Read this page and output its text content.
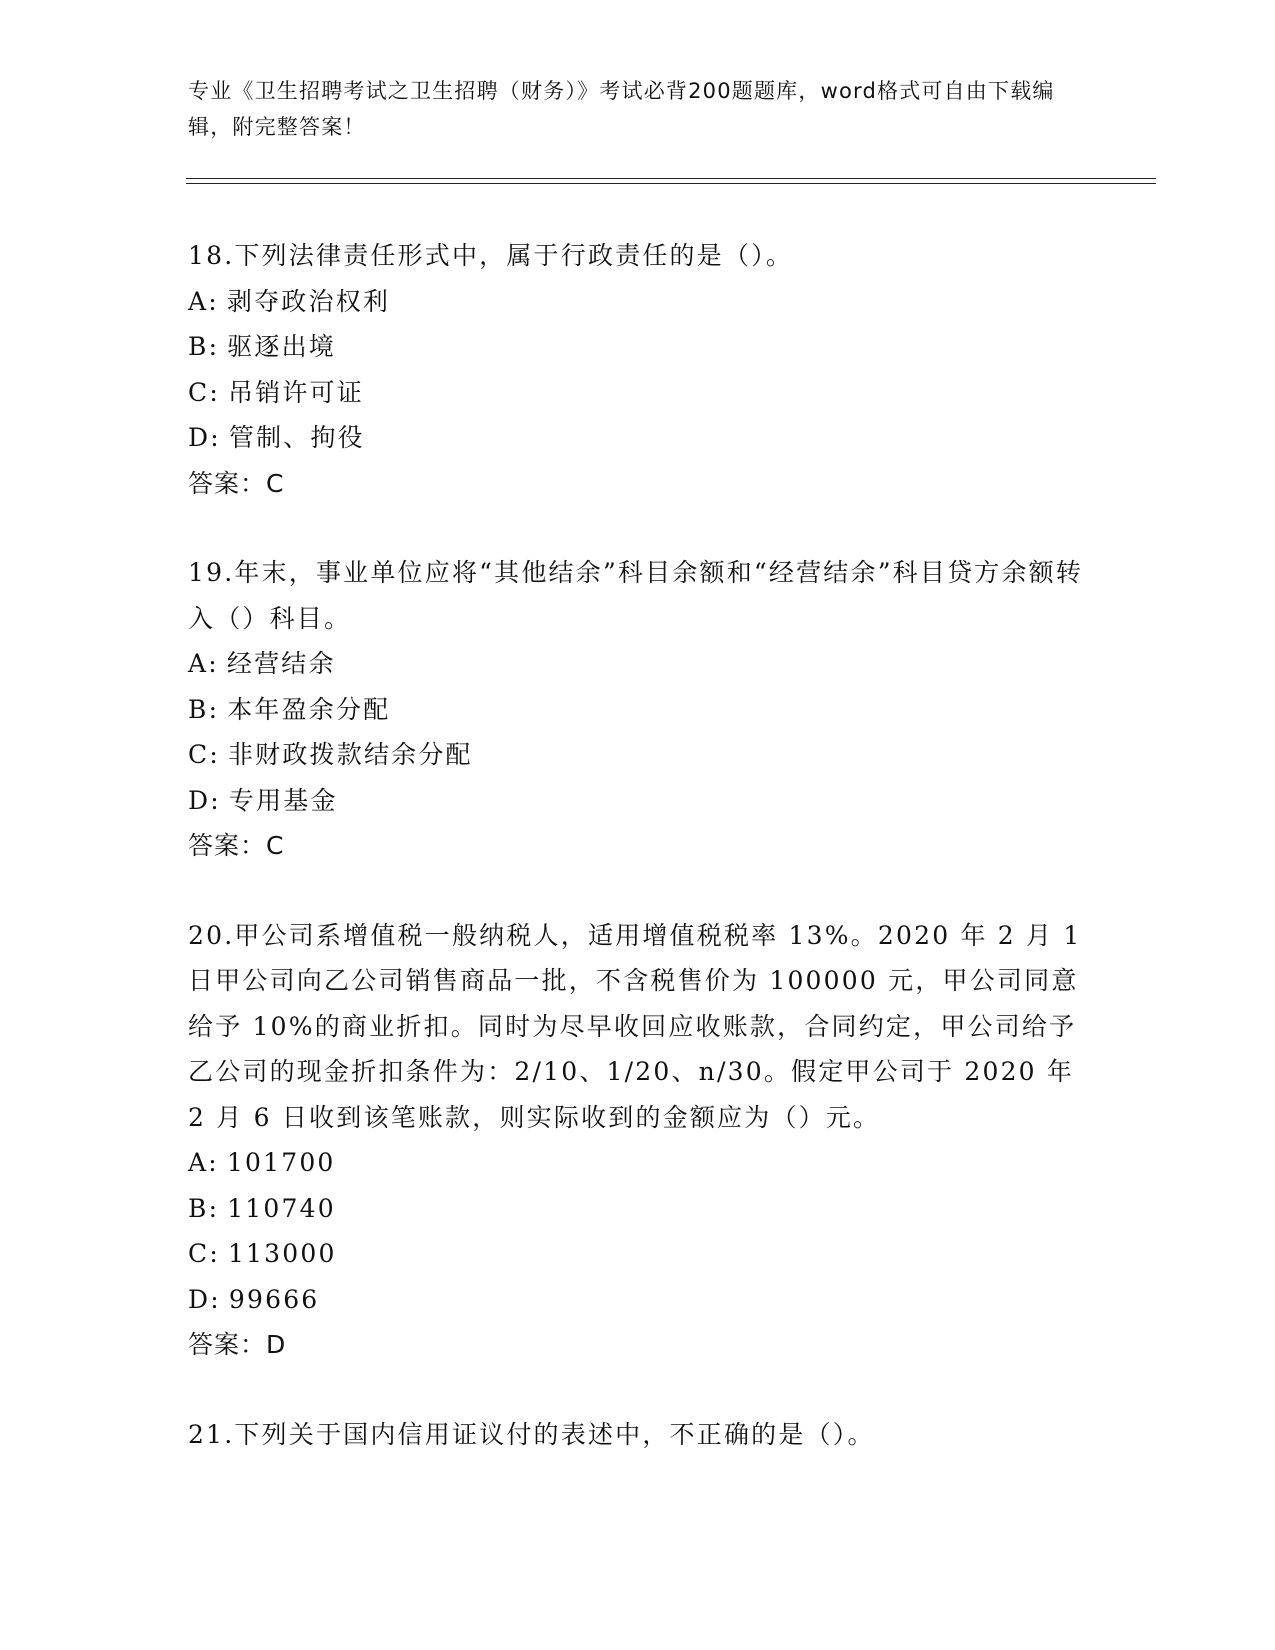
专业《卫生招聘考试之卫生招聘（财务）》考试必背200题题库，word格式可自由下载编辑，附完整答案！
18.下列法律责任形式中，属于行政责任的是（）。
A: 剥夺政治权利
B: 驱逐出境
C: 吊销许可证
D: 管制、拘役
答案：C
19.年末，事业单位应将“其他结余”科目余额和“经营结余”科目贷方余额转入（）科目。
A: 经营结余
B: 本年盈余分配
C: 非财政拨款结余分配
D: 专用基金
答案：C
20.甲公司系增值税一般纳税人，适用增值税税率 13%。2020 年 2 月 1 日甲公司向乙公司销售商品一批，不含税售价为 100000 元，甲公司同意给予 10%的商业折扣。同时为尽早收回应收账款，合同约定，甲公司给予乙公司的现金折扣条件为：2/10、1/20、n/30。假定甲公司于 2020 年 2 月 6 日收到该笔账款，则实际收到的金额应为（）元。
A: 101700
B: 110740
C: 113000
D: 99666
答案：D
21.下列关于国内信用证议付的表述中，不正确的是（）。
